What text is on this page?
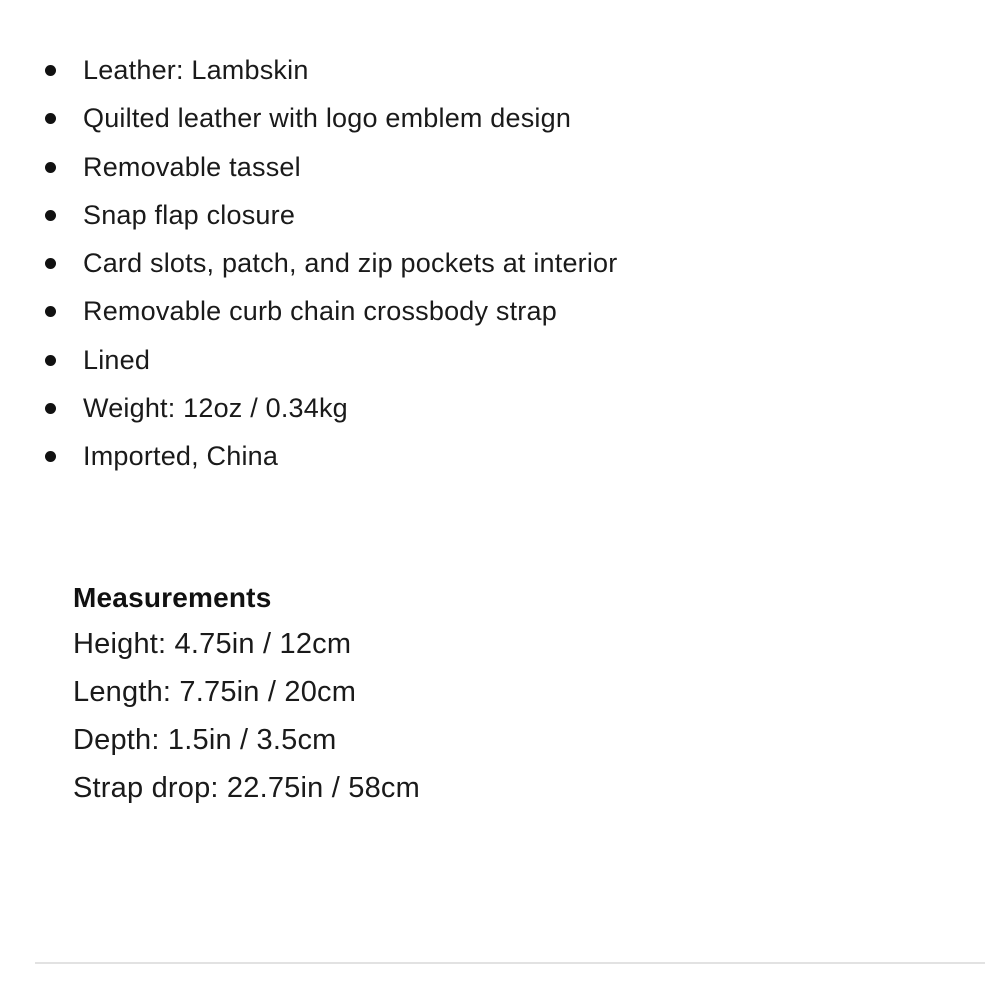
Leather: Lambskin
Quilted leather with logo emblem design
Removable tassel
Snap flap closure
Card slots, patch, and zip pockets at interior
Removable curb chain crossbody strap
Lined
Weight: 12oz / 0.34kg
Imported, China
Measurements
Height: 4.75in / 12cm
Length: 7.75in / 20cm
Depth: 1.5in / 3.5cm
Strap drop: 22.75in / 58cm
